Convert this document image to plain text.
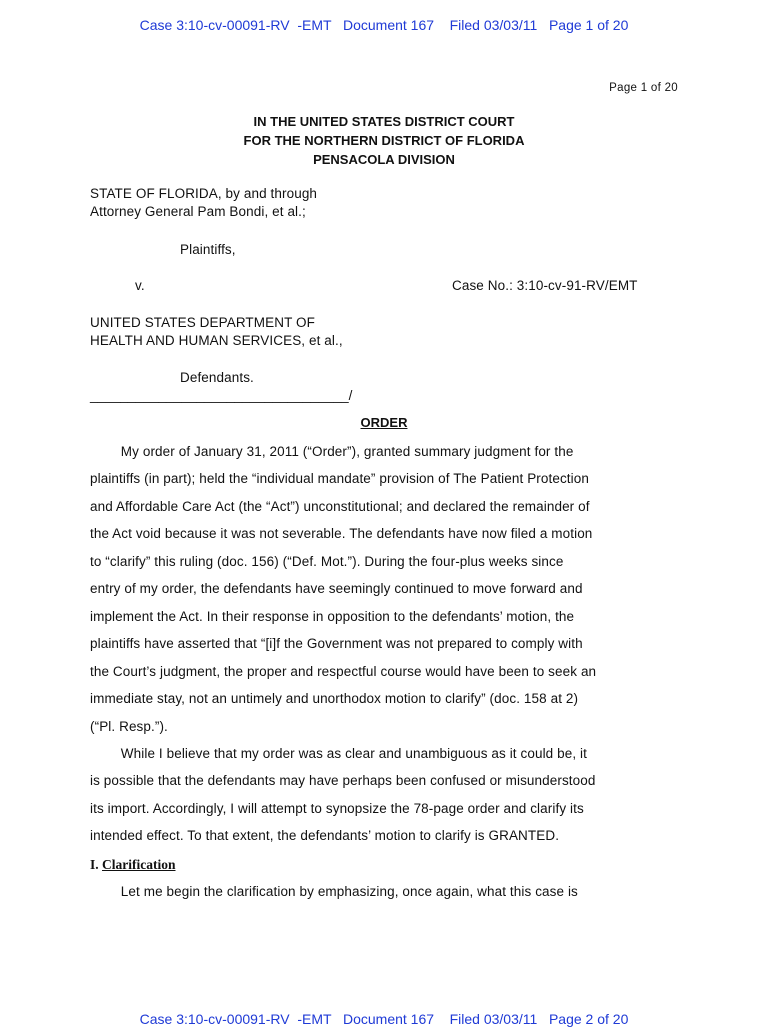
Case 3:10-cv-00091-RV  -EMT   Document 167    Filed 03/03/11   Page 1 of 20
Page 1 of 20
IN THE UNITED STATES DISTRICT COURT
FOR THE NORTHERN DISTRICT OF FLORIDA
PENSACOLA DIVISION
STATE OF FLORIDA, by and through
Attorney General Pam Bondi, et al.;
Plaintiffs,
v.	Case No.: 3:10-cv-91-RV/EMT
UNITED STATES DEPARTMENT OF
HEALTH AND HUMAN SERVICES, et al.,
Defendants.
__________________________________/
ORDER
My order of January 31, 2011 (“Order”), granted summary judgment for the
plaintiffs (in part); held the “individual mandate” provision of The Patient Protection
and Affordable Care Act (the “Act”) unconstitutional; and declared the remainder of
the Act void because it was not severable. The defendants have now filed a motion
to “clarify” this ruling (doc. 156) (“Def. Mot.”). During the four-plus weeks since
entry of my order, the defendants have seemingly continued to move forward and
implement the Act. In their response in opposition to the defendants’ motion, the
plaintiffs have asserted that “[i]f the Government was not prepared to comply with
the Court’s judgment, the proper and respectful course would have been to seek an
immediate stay, not an untimely and unorthodox motion to clarify” (doc. 158 at 2)
(“Pl. Resp.”).
While I believe that my order was as clear and unambiguous as it could be, it
is possible that the defendants may have perhaps been confused or misunderstood
its import. Accordingly, I will attempt to synopsize the 78-page order and clarify its
intended effect. To that extent, the defendants’ motion to clarify is GRANTED.
I. Clarification
Let me begin the clarification by emphasizing, once again, what this case is
Case 3:10-cv-00091-RV  -EMT   Document 167    Filed 03/03/11   Page 2 of 20
